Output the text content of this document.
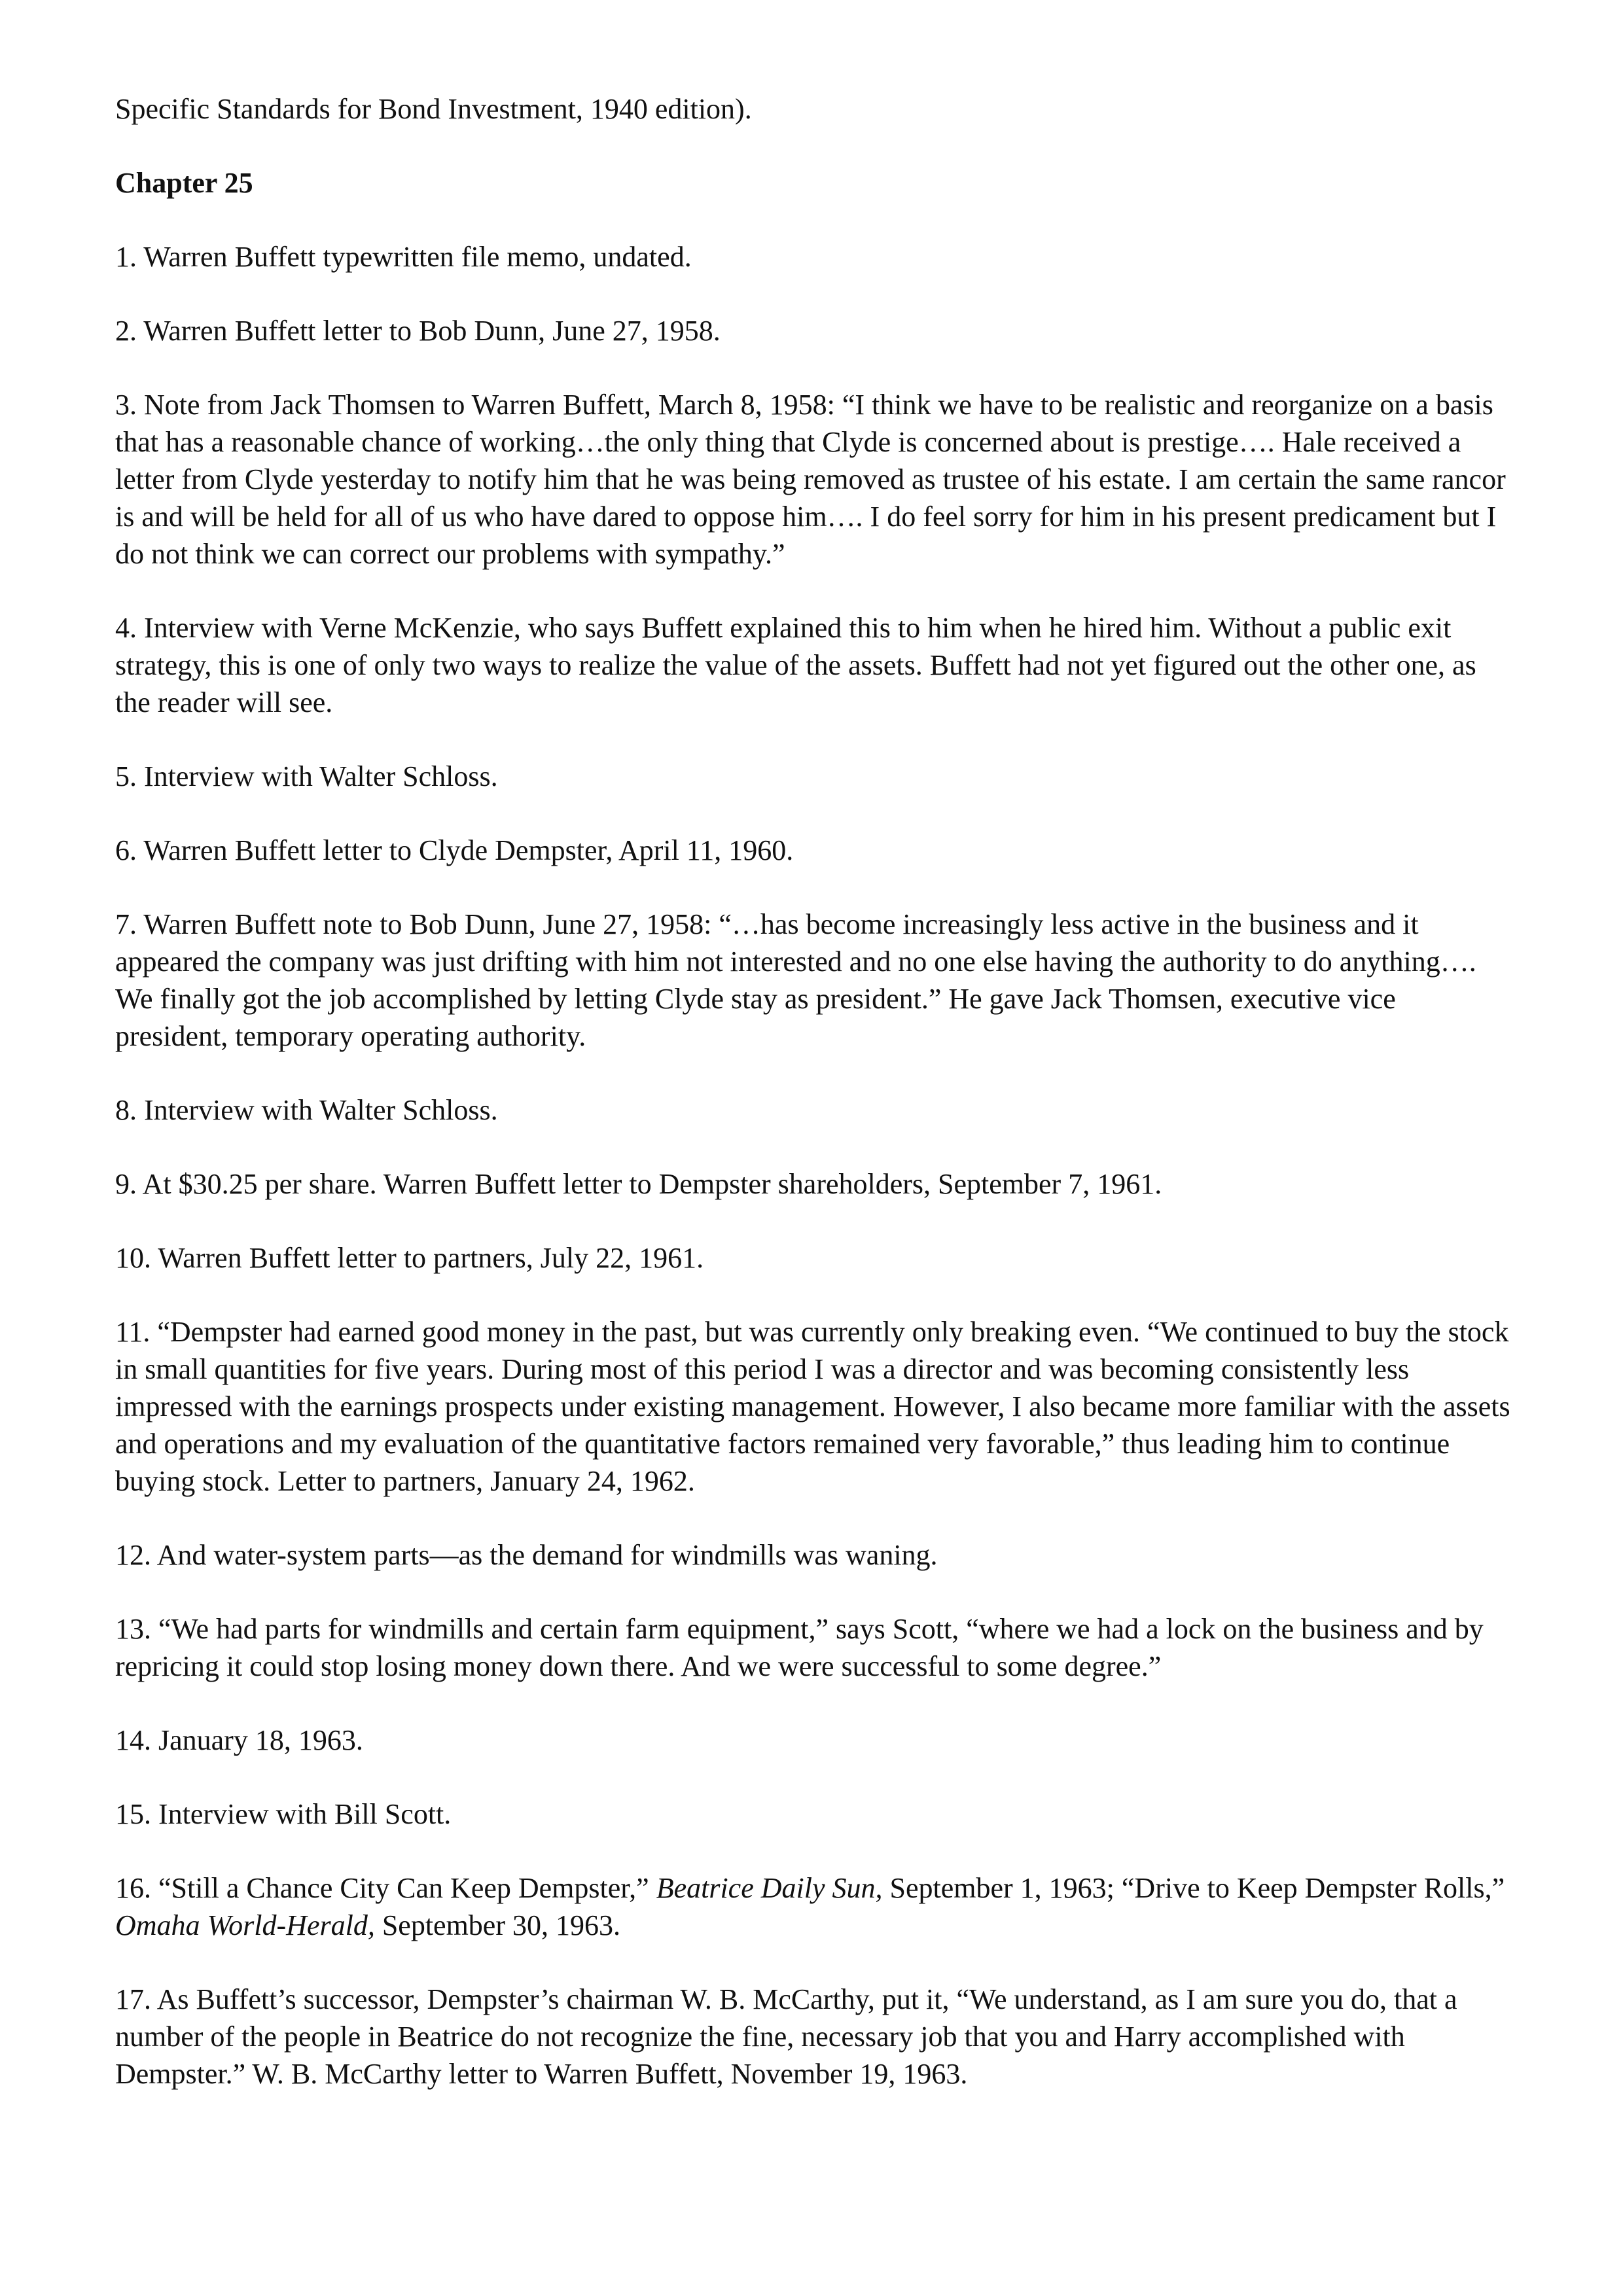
Specific Standards for Bond Investment, 1940 edition).

Chapter 25

1. Warren Buffett typewritten file memo, undated.

2. Warren Buffett letter to Bob Dunn, June 27, 1958.

3. Note from Jack Thomsen to Warren Buffett, March 8, 1958: “I think we have to be realistic and reorganize on a basis that has a reasonable chance of working…the only thing that Clyde is concerned about is prestige…. Hale received a letter from Clyde yesterday to notify him that he was being removed as trustee of his estate. I am certain the same rancor is and will be held for all of us who have dared to oppose him…. I do feel sorry for him in his present predicament but I do not think we can correct our problems with sympathy.”

4. Interview with Verne McKenzie, who says Buffett explained this to him when he hired him. Without a public exit strategy, this is one of only two ways to realize the value of the assets. Buffett had not yet figured out the other one, as the reader will see.

5. Interview with Walter Schloss.

6. Warren Buffett letter to Clyde Dempster, April 11, 1960.

7. Warren Buffett note to Bob Dunn, June 27, 1958: “…has become increasingly less active in the business and it appeared the company was just drifting with him not interested and no one else having the authority to do anything…. We finally got the job accomplished by letting Clyde stay as president.” He gave Jack Thomsen, executive vice president, temporary operating authority.

8. Interview with Walter Schloss.

9. At $30.25 per share. Warren Buffett letter to Dempster shareholders, September 7, 1961.

10. Warren Buffett letter to partners, July 22, 1961.

11. “Dempster had earned good money in the past, but was currently only breaking even. “We continued to buy the stock in small quantities for five years. During most of this period I was a director and was becoming consistently less impressed with the earnings prospects under existing management. However, I also became more familiar with the assets and operations and my evaluation of the quantitative factors remained very favorable,” thus leading him to continue buying stock. Letter to partners, January 24, 1962.

12. And water-system parts—as the demand for windmills was waning.

13. “We had parts for windmills and certain farm equipment,” says Scott, “where we had a lock on the business and by repricing it could stop losing money down there. And we were successful to some degree.”

14. January 18, 1963.

15. Interview with Bill Scott.

16. “Still a Chance City Can Keep Dempster,” Beatrice Daily Sun, September 1, 1963; “Drive to Keep Dempster Rolls,” Omaha World-Herald, September 30, 1963.

17. As Buffett’s successor, Dempster’s chairman W. B. McCarthy, put it, “We understand, as I am sure you do, that a number of the people in Beatrice do not recognize the fine, necessary job that you and Harry accomplished with Dempster.” W. B. McCarthy letter to Warren Buffett, November 19, 1963.
